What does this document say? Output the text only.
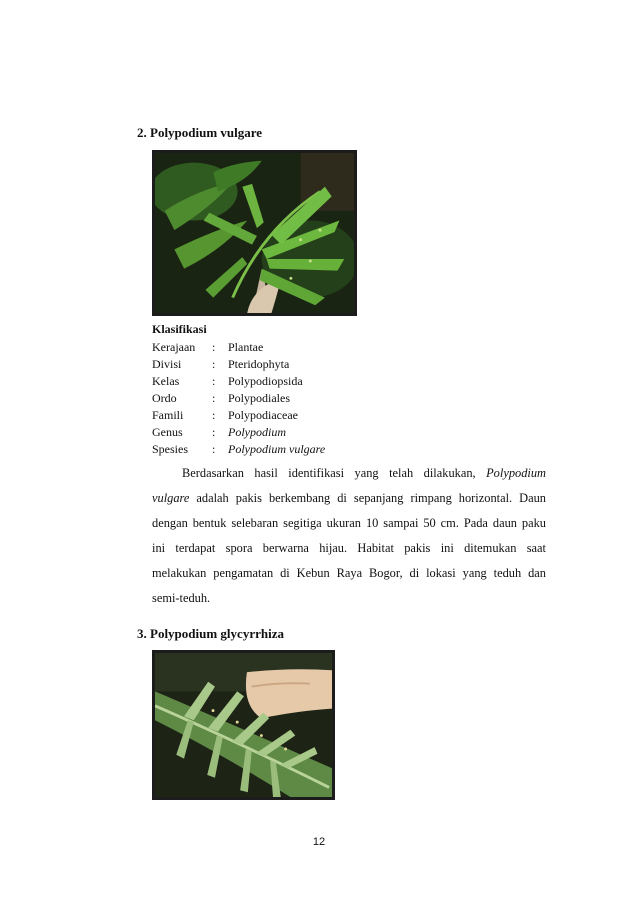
2. Polypodium vulgare
Klasifikasi
Kerajaan : Plantae
Divisi	: Pteridophyta
Kelas	: Polypodiopsida
Ordo	: Polypodiales
Famili : Polypodiaceae
Genus : Polypodium
Spesies : Polypodium vulgare
Berdasarkan hasil identifikasi yang telah dilakukan, Polypodium
vulgare adalah pakis berkembang di sepanjang rimpang horizontal. Daun
dengan bentuk selebaran segitiga ukuran 10 sampai 50 cm. Pada daun paku
ini terdapat spora berwarna hijau. Habitat pakis ini ditemukan saat
melakukan pengamatan di Kebun Raya Bogor, di lokasi yang teduh dan
semi-teduh.
3. Polypodium glycyrrhiza
12
